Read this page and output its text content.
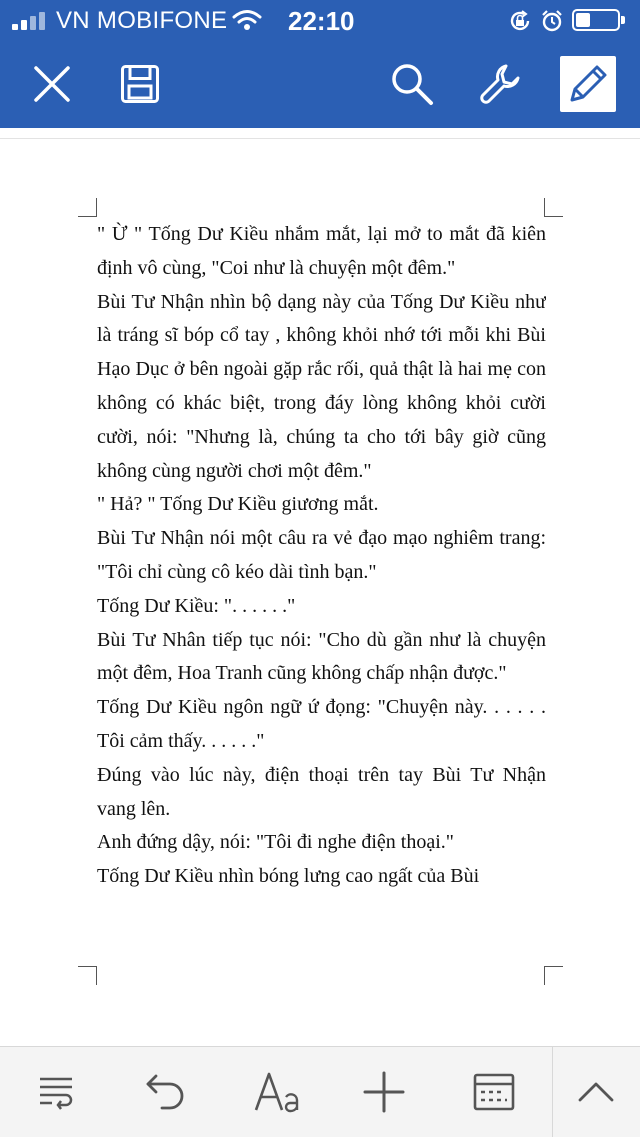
VN MOBIFONE 22:10

" Ừ " Tống Dư Kiều nhắm mắt, lại mở to mắt đã kiên định vô cùng, "Coi như là chuyện một đêm."

Bùi Tư Nhận nhìn bộ dạng này của Tống Dư Kiều như là tráng sĩ bóp cổ tay , không khỏi nhớ tới mỗi khi Bùi Hạo Dục ở bên ngoài gặp rắc rối, quả thật là hai mẹ con không có khác biệt, trong đáy lòng không khỏi cười cười, nói: "Nhưng là, chúng ta cho tới bây giờ cũng không cùng người chơi một đêm."

" Hả? " Tống Dư Kiều giương mắt.

Bùi Tư Nhận nói một câu ra vẻ đạo mạo nghiêm trang: "Tôi chỉ cùng cô kéo dài tình bạn."

Tống Dư Kiều: ". . . . . ."

Bùi Tư Nhân tiếp tục nói: "Cho dù gần như là chuyện một đêm, Hoa Tranh cũng không chấp nhận được."

Tống Dư Kiều ngôn ngữ ứ đọng: "Chuyện này. . . . . . Tôi cảm thấy. . . . . ."

Đúng vào lúc này, điện thoại trên tay Bùi Tư Nhận vang lên.

Anh đứng dậy, nói: "Tôi đi nghe điện thoại."

Tống Dư Kiều nhìn bóng lưng cao ngất của Bùi
